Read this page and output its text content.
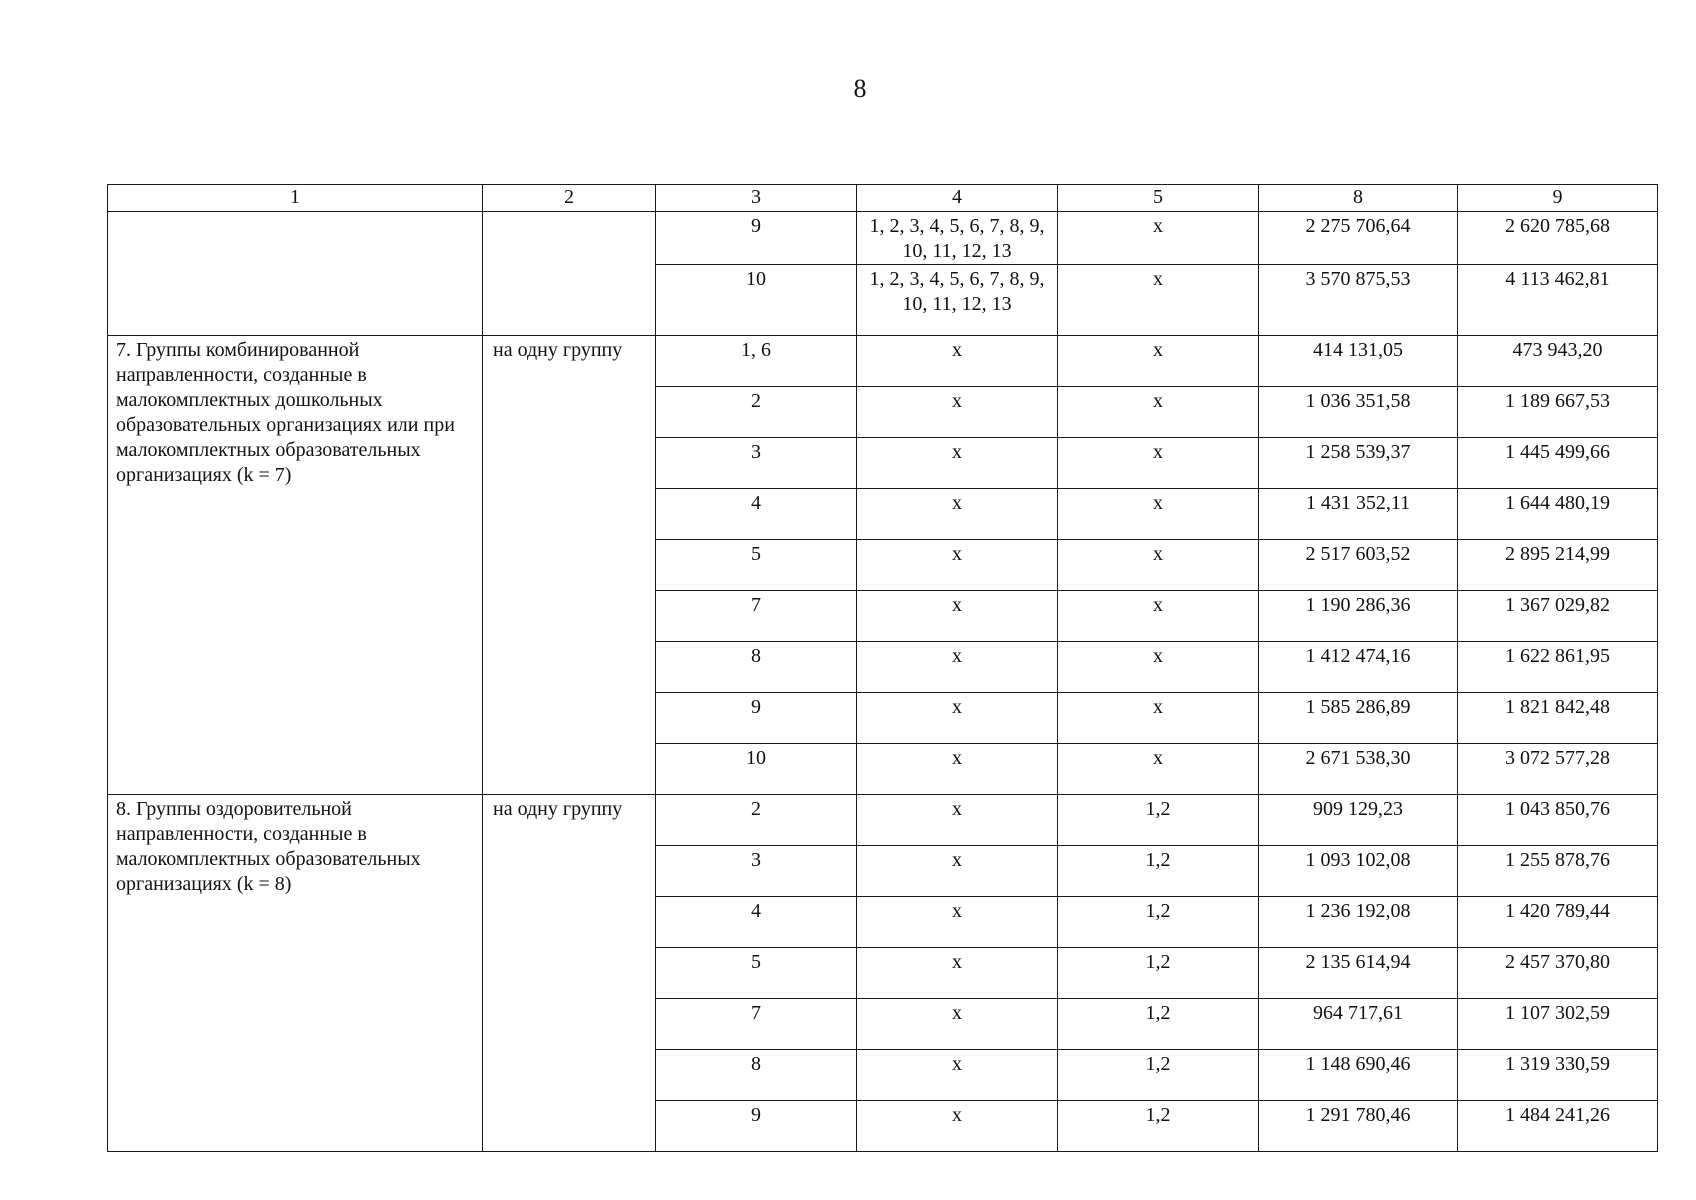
8
1	2	3	4	5	8	9
		9	1, 2, 3, 4, 5, 6, 7, 8, 9, 10, 11, 12, 13	х	2 275 706,64	2 620 785,68
		10	1, 2, 3, 4, 5, 6, 7, 8, 9, 10, 11, 12, 13	х	3 570 875,53	4 113 462,81
7. Группы комбинированной направленности, созданные в малокомплектных дошкольных образовательных организациях или при малокомплектных образовательных организациях (k = 7)	на одну группу	1, 6	х	х	414 131,05	473 943,20
		2	х	х	1 036 351,58	1 189 667,53
		3	х	х	1 258 539,37	1 445 499,66
		4	х	х	1 431 352,11	1 644 480,19
		5	х	х	2 517 603,52	2 895 214,99
		7	х	х	1 190 286,36	1 367 029,82
		8	х	х	1 412 474,16	1 622 861,95
		9	х	х	1 585 286,89	1 821 842,48
		10	х	х	2 671 538,30	3 072 577,28
8. Группы оздоровительной направленности, созданные в малокомплектных образовательных организациях (k = 8)	на одну группу	2	х	1,2	909 129,23	1 043 850,76
		3	х	1,2	1 093 102,08	1 255 878,76
		4	х	1,2	1 236 192,08	1 420 789,44
		5	х	1,2	2 135 614,94	2 457 370,80
		7	х	1,2	964 717,61	1 107 302,59
		8	х	1,2	1 148 690,46	1 319 330,59
		9	х	1,2	1 291 780,46	1 484 241,26
